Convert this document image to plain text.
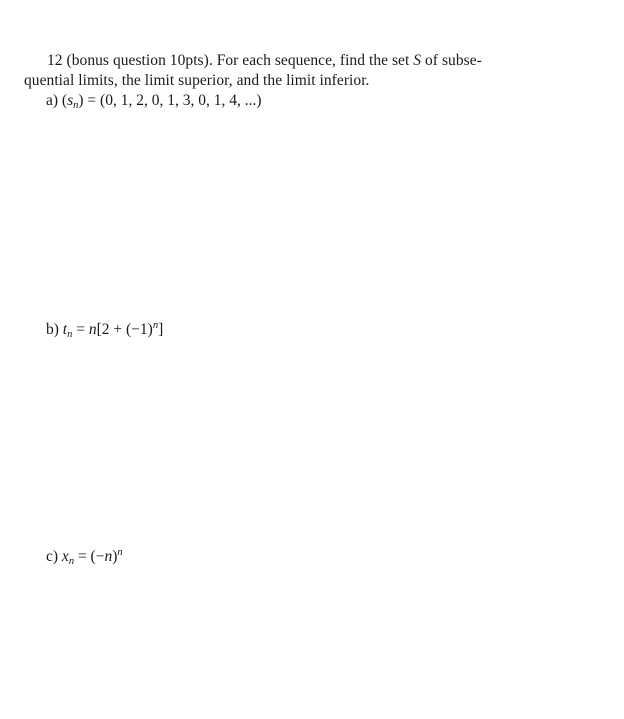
12 (bonus question 10pts). For each sequence, find the set S of subse-
quential limits, the limit superior, and the limit inferior.
a) $(s_n) = (0$, 1, 2, 0, 1, 3, 0, 1, 4, ...)
b) $t_n = n[2 + (-1)^n]$
c) $x_n = (-n)^n$
